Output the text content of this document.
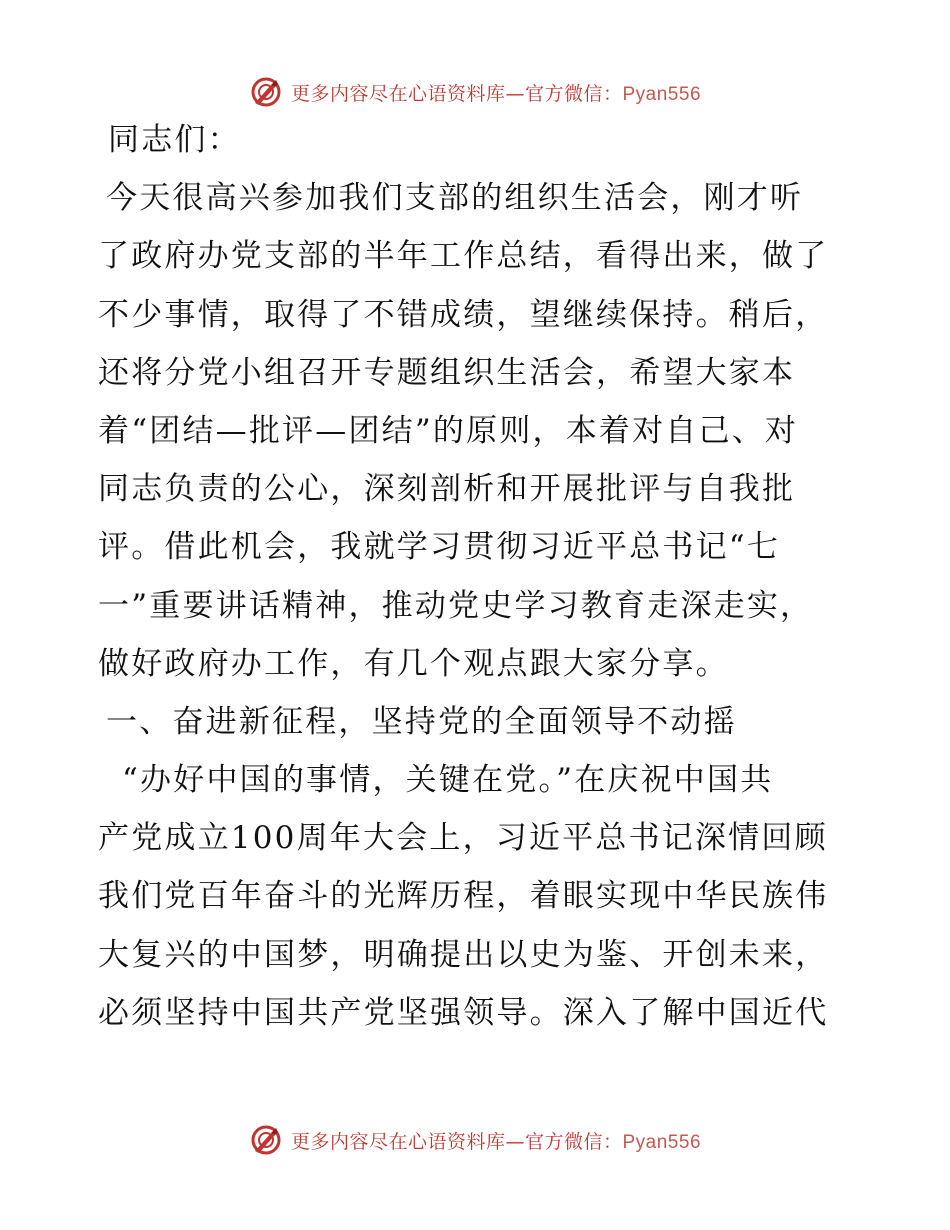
更多内容尽在心语资料库—官方微信：Pyan556
同志们：
今天很高兴参加我们支部的组织生活会，刚才听
了政府办党支部的半年工作总结，看得出来，做了
不少事情，取得了不错成绩，望继续保持。稍后，
还将分党小组召开专题组织生活会，希望大家本
着“团结—批评—团结”的原则，本着对自己、对
同志负责的公心，深刻剖析和开展批评与自我批
评。借此机会，我就学习贯彻习近平总书记“七
一”重要讲话精神，推动党史学习教育走深走实，
做好政府办工作，有几个观点跟大家分享。
一、奋进新征程，坚持党的全面领导不动摇
“办好中国的事情，关键在党。”在庆祝中国共
产党成立100周年大会上，习近平总书记深情回顾
我们党百年奋斗的光辉历程，着眼实现中华民族伟
大复兴的中国梦，明确提出以史为鉴、开创未来，
必须坚持中国共产党坚强领导。深入了解中国近代
更多内容尽在心语资料库—官方微信：Pyan556
